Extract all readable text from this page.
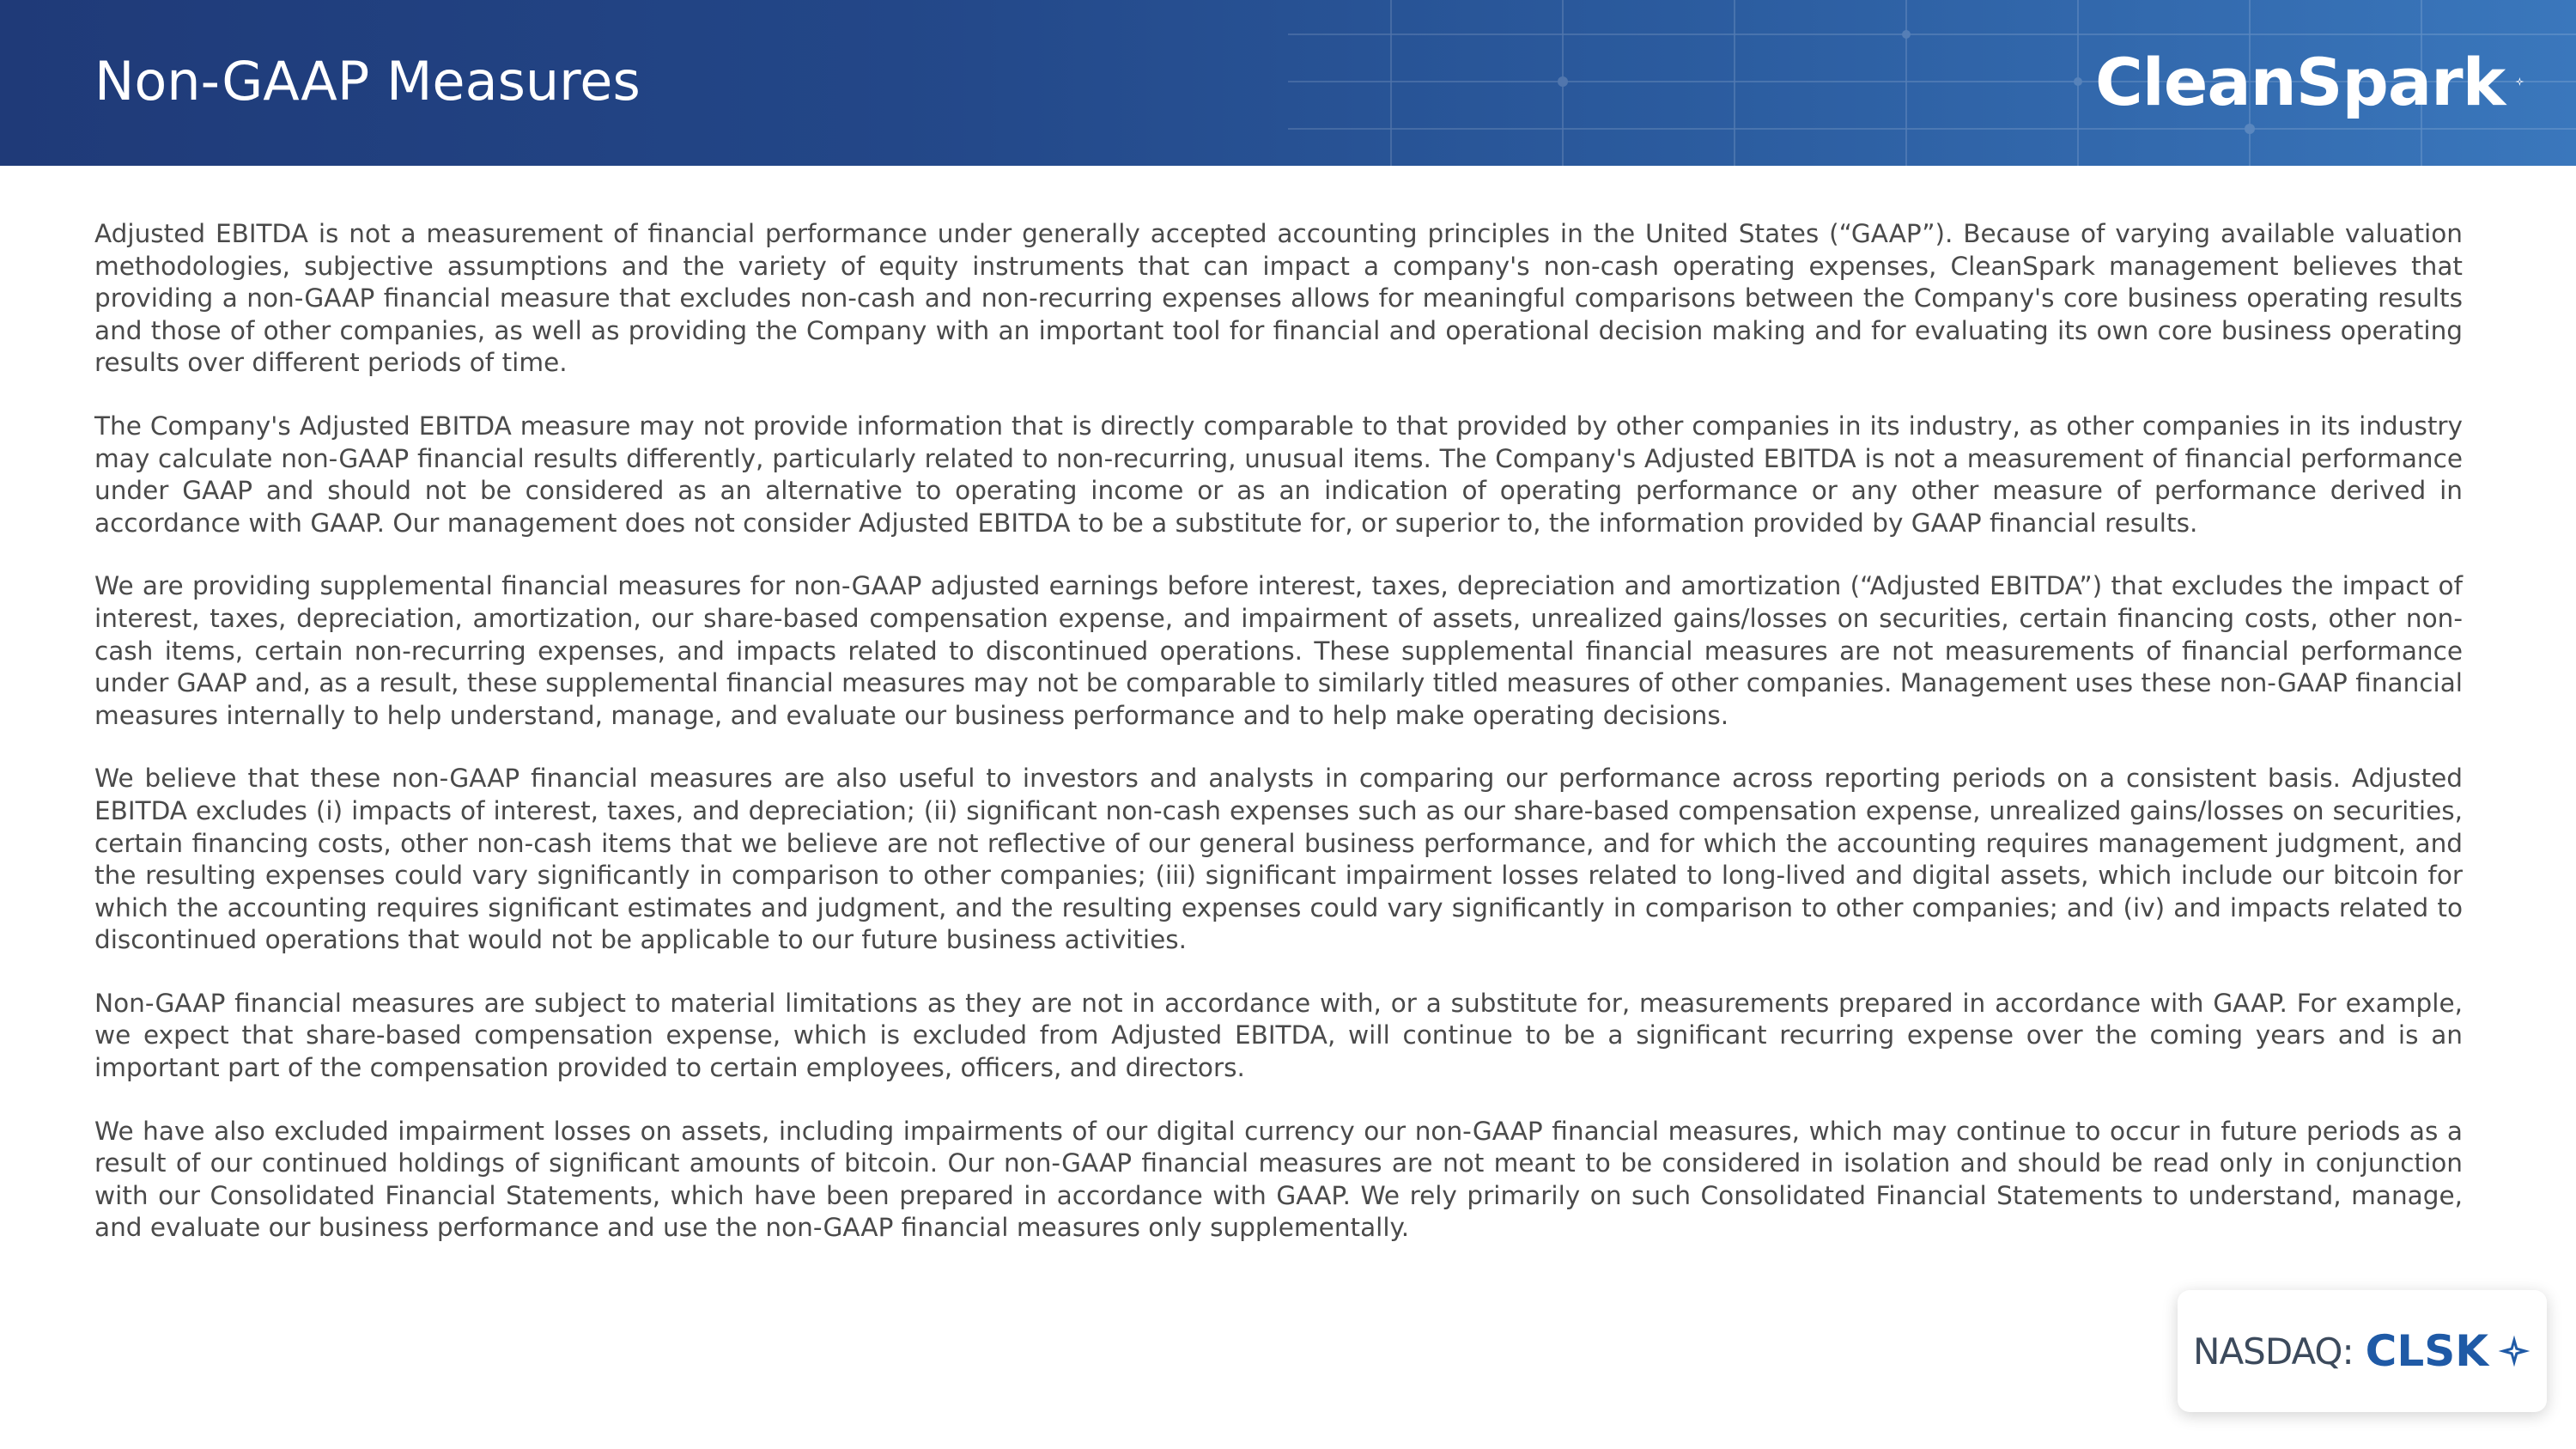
Non-GAAP Measures	CleanSpark

Adjusted EBITDA is not a measurement of financial performance under generally accepted accounting principles in the United States (“GAAP”). Because of varying available valuation methodologies, subjective assumptions and the variety of equity instruments that can impact a company's non-cash operating expenses, CleanSpark management believes that providing a non-GAAP financial measure that excludes non-cash and non-recurring expenses allows for meaningful comparisons between the Company's core business operating results and those of other companies, as well as providing the Company with an important tool for financial and operational decision making and for evaluating its own core business operating results over different periods of time.

The Company's Adjusted EBITDA measure may not provide information that is directly comparable to that provided by other companies in its industry, as other companies in its industry may calculate non-GAAP financial results differently, particularly related to non-recurring, unusual items. The Company's Adjusted EBITDA is not a measurement of financial performance under GAAP and should not be considered as an alternative to operating income or as an indication of operating performance or any other measure of performance derived in accordance with GAAP. Our management does not consider Adjusted EBITDA to be a substitute for, or superior to, the information provided by GAAP financial results.

We are providing supplemental financial measures for non-GAAP adjusted earnings before interest, taxes, depreciation and amortization (“Adjusted EBITDA”) that excludes the impact of interest, taxes, depreciation, amortization, our share-based compensation expense, and impairment of assets, unrealized gains/losses on securities, certain financing costs, other non-cash items, certain non-recurring expenses, and impacts related to discontinued operations. These supplemental financial measures are not measurements of financial performance under GAAP and, as a result, these supplemental financial measures may not be comparable to similarly titled measures of other companies. Management uses these non-GAAP financial measures internally to help understand, manage, and evaluate our business performance and to help make operating decisions.

We believe that these non-GAAP financial measures are also useful to investors and analysts in comparing our performance across reporting periods on a consistent basis. Adjusted EBITDA excludes (i) impacts of interest, taxes, and depreciation; (ii) significant non-cash expenses such as our share-based compensation expense, unrealized gains/losses on securities, certain financing costs, other non-cash items that we believe are not reflective of our general business performance, and for which the accounting requires management judgment, and the resulting expenses could vary significantly in comparison to other companies; (iii) significant impairment losses related to long-lived and digital assets, which include our bitcoin for which the accounting requires significant estimates and judgment, and the resulting expenses could vary significantly in comparison to other companies; and (iv) and impacts related to discontinued operations that would not be applicable to our future business activities.

Non-GAAP financial measures are subject to material limitations as they are not in accordance with, or a substitute for, measurements prepared in accordance with GAAP. For example, we expect that share-based compensation expense, which is excluded from Adjusted EBITDA, will continue to be a significant recurring expense over the coming years and is an important part of the compensation provided to certain employees, officers, and directors.

We have also excluded impairment losses on assets, including impairments of our digital currency our non-GAAP financial measures, which may continue to occur in future periods as a result of our continued holdings of significant amounts of bitcoin. Our non-GAAP financial measures are not meant to be considered in isolation and should be read only in conjunction with our Consolidated Financial Statements, which have been prepared in accordance with GAAP. We rely primarily on such Consolidated Financial Statements to understand, manage, and evaluate our business performance and use the non-GAAP financial measures only supplementally.

NASDAQ: CLSK
